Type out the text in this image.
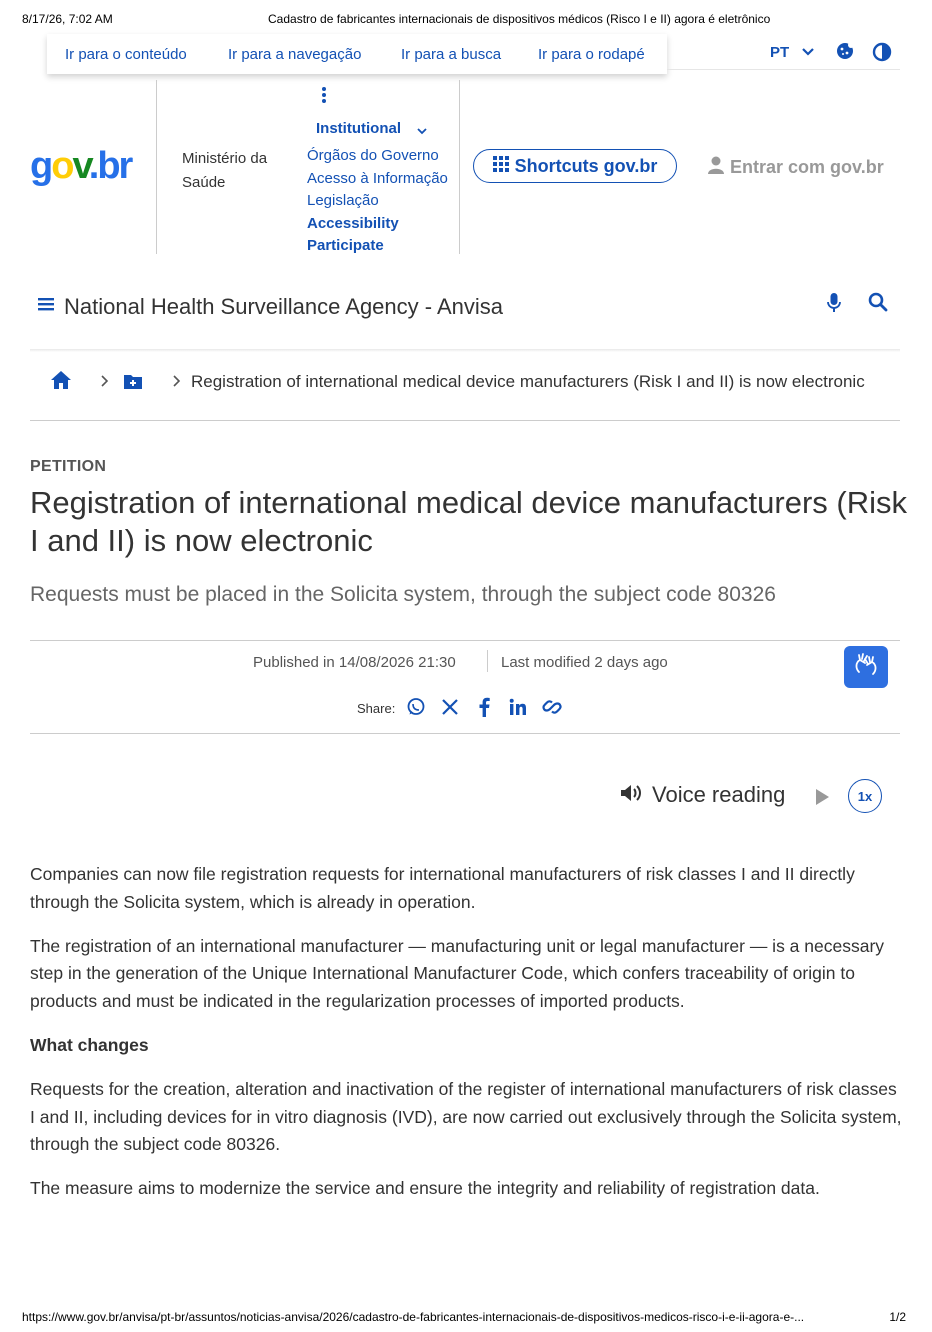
8/17/26, 7:02 AM	Cadastro de fabricantes internacionais de dispositivos médicos (Risco I e II) agora é eletrônico
Ir para o conteúdo	Ir para a navegação	Ir para a busca Ir para o rodapé	PT
gov.br	Ministério da Saúde
Institutional
Órgãos do Governo
Acesso à Informação
Legislação
Accessibility
Participate
Shortcuts gov.br	Entrar com gov.br
National Health Surveillance Agency - Anvisa
Registration of international medical device manufacturers (Risk I and II) is now electronic
PETITION
Registration of international medical device manufacturers (Risk I and II) is now electronic
Requests must be placed in the Solicita system, through the subject code 80326
Published in 14/08/2026 21:30	Last modified 2 days ago
Share:
Voice reading	1x

Companies can now file registration requests for international manufacturers of risk classes I and II directly through the Solicita system, which is already in operation.

The registration of an international manufacturer — manufacturing unit or legal manufacturer — is a necessary step in the generation of the Unique International Manufacturer Code, which confers traceability of origin to products and must be indicated in the regularization processes of imported products.

What changes

Requests for the creation, alteration and inactivation of the register of international manufacturers of risk classes I and II, including devices for in vitro diagnosis (IVD), are now carried out exclusively through the Solicita system, through the subject code 80326.

The measure aims to modernize the service and ensure the integrity and reliability of registration data.

https://www.gov.br/anvisa/pt-br/assuntos/noticias-anvisa/2026/cadastro-de-fabricantes-internacionais-de-dispositivos-medicos-risco-i-e-ii-agora-e-...	1/2
